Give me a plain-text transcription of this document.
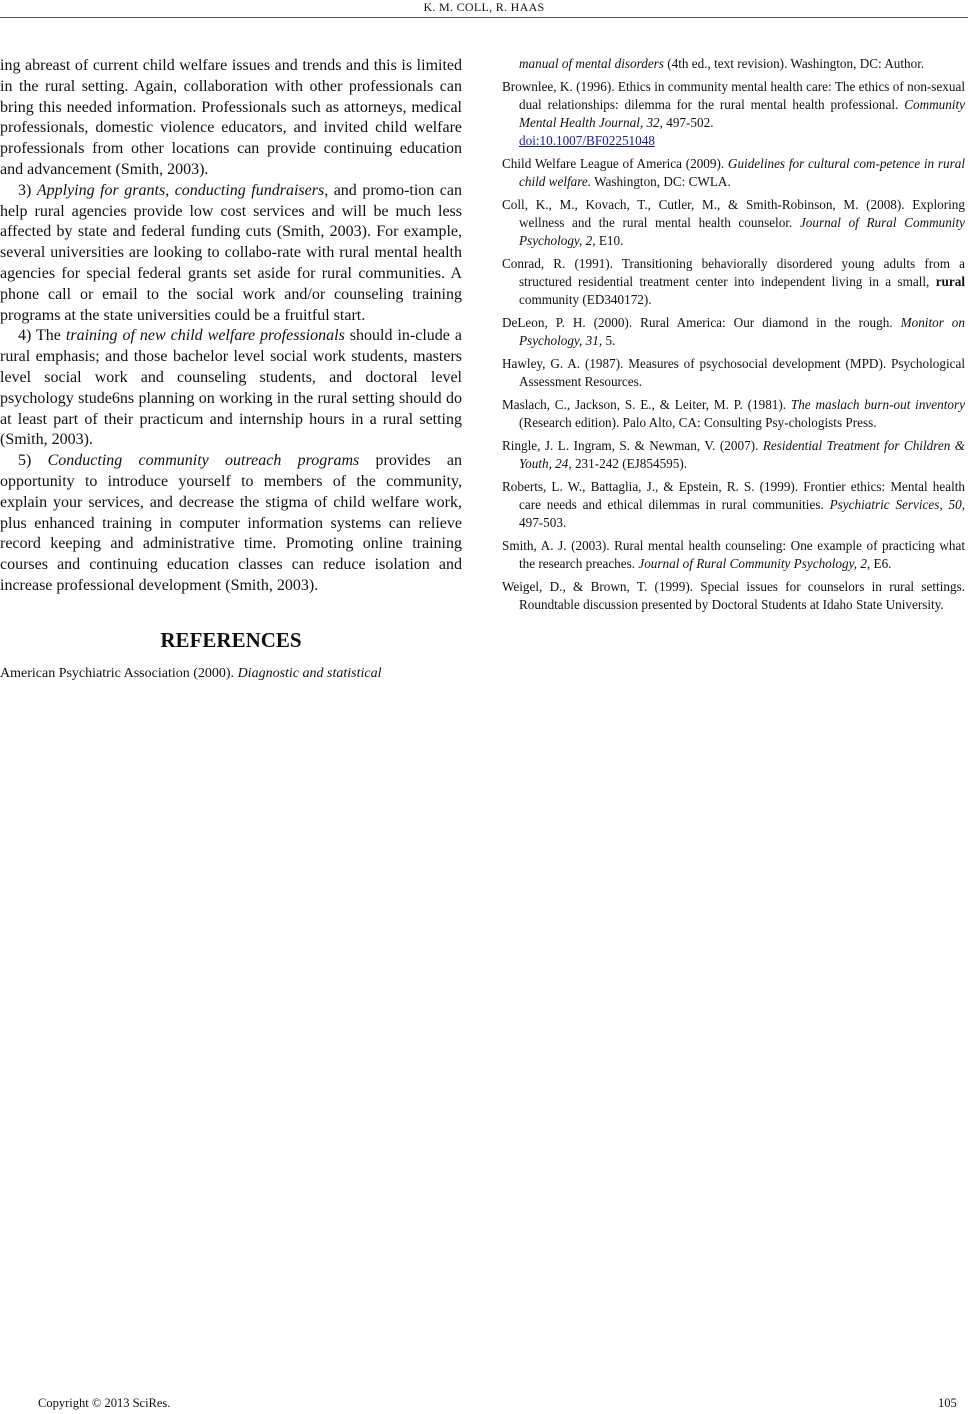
K. M. COLL, R. HAAS

ing abreast of current child welfare issues and trends and this is limited in the rural setting. Again, collaboration with other professionals can bring this needed information. Professionals such as attorneys, medical professionals, domestic violence educators, and invited child welfare professionals from other locations can provide continuing education and advancement (Smith, 2003).

3) Applying for grants, conducting fundraisers, and promo-tion can help rural agencies provide low cost services and will be much less affected by state and federal funding cuts (Smith, 2003). For example, several universities are looking to collabo-rate with rural mental health agencies for special federal grants set aside for rural communities. A phone call or email to the social work and/or counseling training programs at the state universities could be a fruitful start.

4) The training of new child welfare professionals should in-clude a rural emphasis; and those bachelor level social work students, masters level social work and counseling students, and doctoral level psychology stude6ns planning on working in the rural setting should do at least part of their practicum and internship hours in a rural setting (Smith, 2003).

5) Conducting community outreach programs provides an opportunity to introduce yourself to members of the community, explain your services, and decrease the stigma of child welfare work, plus enhanced training in computer information systems can relieve record keeping and administrative time. Promoting online training courses and continuing education classes can reduce isolation and increase professional development (Smith, 2003).

REFERENCES

American Psychiatric Association (2000). Diagnostic and statistical

manual of mental disorders (4th ed., text revision). Washington, DC: Author.

Brownlee, K. (1996). Ethics in community mental health care: The ethics of non-sexual dual relationships: dilemma for the rural mental health professional. Community Mental Health Journal, 32, 497-502.
doi:10.1007/BF02251048

Child Welfare League of America (2009). Guidelines for cultural com-petence in rural child welfare. Washington, DC: CWLA.

Coll, K., M., Kovach, T., Cutler, M., & Smith-Robinson, M. (2008). Exploring wellness and the rural mental health counselor. Journal of Rural Community Psychology, 2, E10.

Conrad, R. (1991). Transitioning behaviorally disordered young adults from a structured residential treatment center into independent living in a small, rural community (ED340172).

DeLeon, P. H. (2000). Rural America: Our diamond in the rough. Monitor on Psychology, 31, 5.

Hawley, G. A. (1987). Measures of psychosocial development (MPD). Psychological Assessment Resources.

Maslach, C., Jackson, S. E., & Leiter, M. P. (1981). The maslach burn-out inventory (Research edition). Palo Alto, CA: Consulting Psy-chologists Press.

Ringle, J. L. Ingram, S. & Newman, V. (2007). Residential Treatment for Children & Youth, 24, 231-242 (EJ854595).

Roberts, L. W., Battaglia, J., & Epstein, R. S. (1999). Frontier ethics: Mental health care needs and ethical dilemmas in rural communities. Psychiatric Services, 50, 497-503.

Smith, A. J. (2003). Rural mental health counseling: One example of practicing what the research preaches. Journal of Rural Community Psychology, 2, E6.

Weigel, D., & Brown, T. (1999). Special issues for counselors in rural settings. Roundtable discussion presented by Doctoral Students at Idaho State University.

Copyright © 2013 SciRes.	105
